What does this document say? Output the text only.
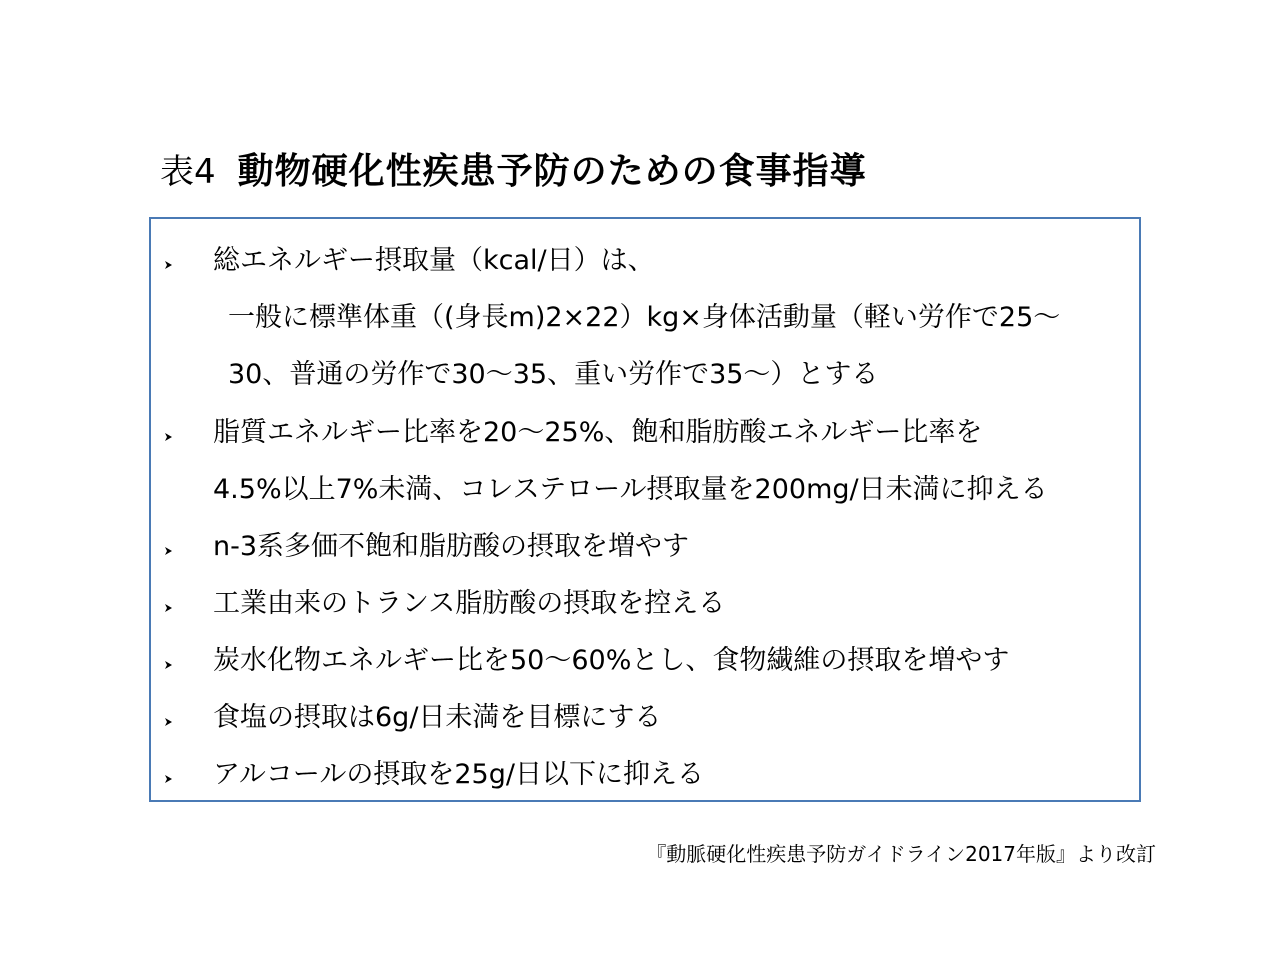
表4 動物硬化性疾患予防のための食事指導
総エネルギー摂取量（kcal/日）は、
一般に標準体重（(身長m)2×22）kg×身体活動量（軽い労作で25～
30、普通の労作で30～35、重い労作で35～）とする
脂質エネルギー比率を20～25%、飽和脂肪酸エネルギー比率を
4.5%以上7%未満、コレステロール摂取量を200mg/日未満に抑える
n-3系多価不飽和脂肪酸の摂取を増やす
工業由来のトランス脂肪酸の摂取を控える
炭水化物エネルギー比を50～60%とし、食物繊維の摂取を増やす
食塩の摂取は6g/日未満を目標にする
アルコールの摂取を25g/日以下に抑える
『動脈硬化性疾患予防ガイドライン2017年版』より改訂
